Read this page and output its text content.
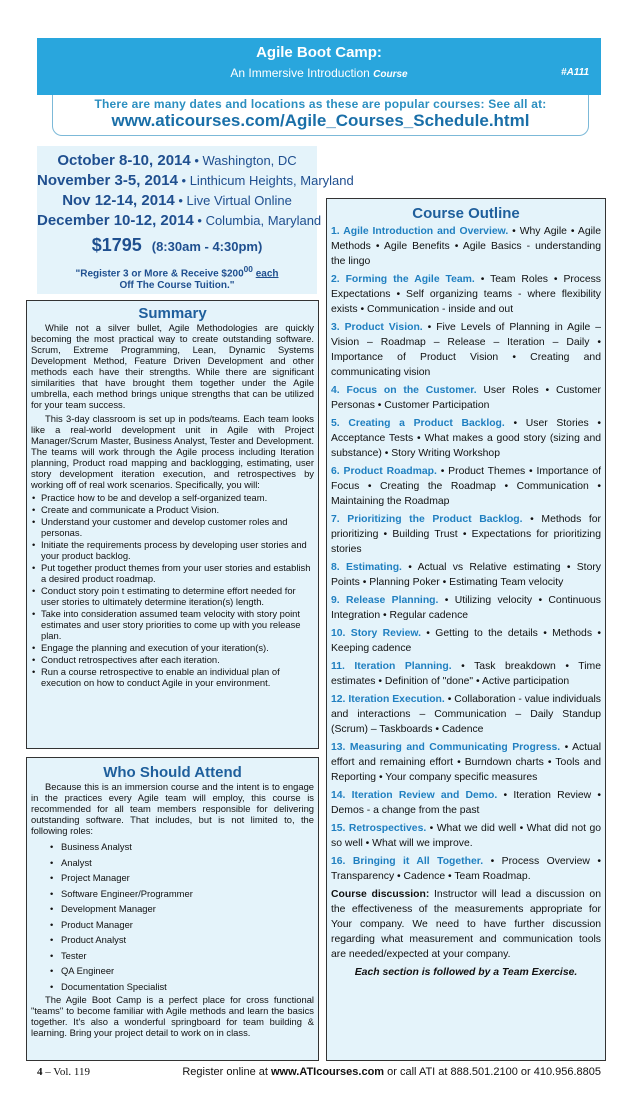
Agile Boot Camp:
An Immersive Introduction Course	#A111
There are many dates and locations as these are popular courses: See all at:
www.aticourses.com/Agile_Courses_Schedule.html
October 8-10, 2014 • Washington, DC
November 3-5, 2014 • Linthicum Heights, Maryland
Nov 12-14, 2014 • Live Virtual Online
December 10-12, 2014 • Columbia, Maryland
$1795 (8:30am - 4:30pm)
"Register 3 or More & Receive $\$200^{00}$ each
Off The Course Tuition."
Summary
While not a silver bullet, Agile Methodologies are quickly becoming the most practical way to create outstanding software. Scrum, Extreme Programming, Lean, Dynamic Systems Development Method, Feature Driven Development and other methods each have their strengths. While there are significant similarities that have brought them together under the Agile umbrella, each method brings unique strengths that can be utilized for your team success.
This 3-day classroom is set up in pods/teams. Each team looks like a real-world development unit in Agile with Project Manager/Scrum Master, Business Analyst, Tester and Development. The teams will work through the Agile process including Iteration planning, Product road mapping and backlogging, estimating, user story development iteration execution, and retrospectives by working off of real work scenarios. Specifically, you will:
• Practice how to be and develop a self-organized team.
• Create and communicate a Product Vision.
• Understand your customer and develop customer roles and personas.
• Initiate the requirements process by developing user stories and your product backlog.
• Put together product themes from your user stories and establish a desired product roadmap.
• Conduct story poin t estimating to determine effort needed for user stories to ultimately determine iteration(s) length.
• Take into consideration assumed team velocity with story point estimates and user story priorities to come up with you release plan.
• Engage the planning and execution of your iteration(s).
• Conduct retrospectives after each iteration.
• Run a course retrospective to enable an individual plan of execution on how to conduct Agile in your environment.
Who Should Attend
Because this is an immersion course and the intent is to engage in the practices every Agile team will employ, this course is recommended for all team members responsible for delivering outstanding software. That includes, but is not limited to, the following roles:
• Business Analyst
• Analyst
• Project Manager
• Software Engineer/Programmer
• Development Manager
• Product Manager
• Product Analyst
• Tester
• QA Engineer
• Documentation Specialist
The Agile Boot Camp is a perfect place for cross functional "teams" to become familiar with Agile methods and learn the basics together. It's also a wonderful springboard for team building & learning. Bring your project detail to work on in class.
Course Outline
1. Agile Introduction and Overview. • Why Agile • Agile Methods • Agile Benefits • Agile Basics - understanding the lingo
2. Forming the Agile Team. • Team Roles • Process Expectations • Self organizing teams - where flexibility exists • Communication - inside and out
3. Product Vision. • Five Levels of Planning in Agile – Vision – Roadmap – Release – Iteration – Daily • Importance of Product Vision • Creating and communicating vision
4. Focus on the Customer. User Roles • Customer Personas • Customer Participation
5. Creating a Product Backlog. • User Stories • Acceptance Tests • What makes a good story (sizing and substance) • Story Writing Workshop
6. Product Roadmap. • Product Themes • Importance of Focus • Creating the Roadmap • Communication • Maintaining the Roadmap
7. Prioritizing the Product Backlog. • Methods for prioritizing • Building Trust • Expectations for prioritizing stories
8. Estimating. • Actual vs Relative estimating • Story Points • Planning Poker • Estimating Team velocity
9. Release Planning. • Utilizing velocity • Continuous Integration • Regular cadence
10. Story Review. • Getting to the details • Methods • Keeping cadence
11. Iteration Planning. • Task breakdown • Time estimates • Definition of "done" • Active participation
12. Iteration Execution. • Collaboration - value individuals and interactions – Communication – Daily Standup (Scrum) – Taskboards • Cadence
13. Measuring and Communicating Progress. • Actual effort and remaining effort • Burndown charts • Tools and Reporting • Your company specific measures
14. Iteration Review and Demo. • Iteration Review • Demos - a change from the past
15. Retrospectives. • What we did well • What did not go so well • What will we improve.
16. Bringing it All Together. • Process Overview • Transparency • Cadence • Team Roadmap.
Course discussion: Instructor will lead a discussion on the effectiveness of the measurements appropriate for Your company. We need to have further discussion regarding what measurement and communication tools are needed/expected at your company.
Each section is followed by a Team Exercise.
4 – Vol. 119	Register online at www.ATIcourses.com or call ATI at 888.501.2100 or 410.956.8805
